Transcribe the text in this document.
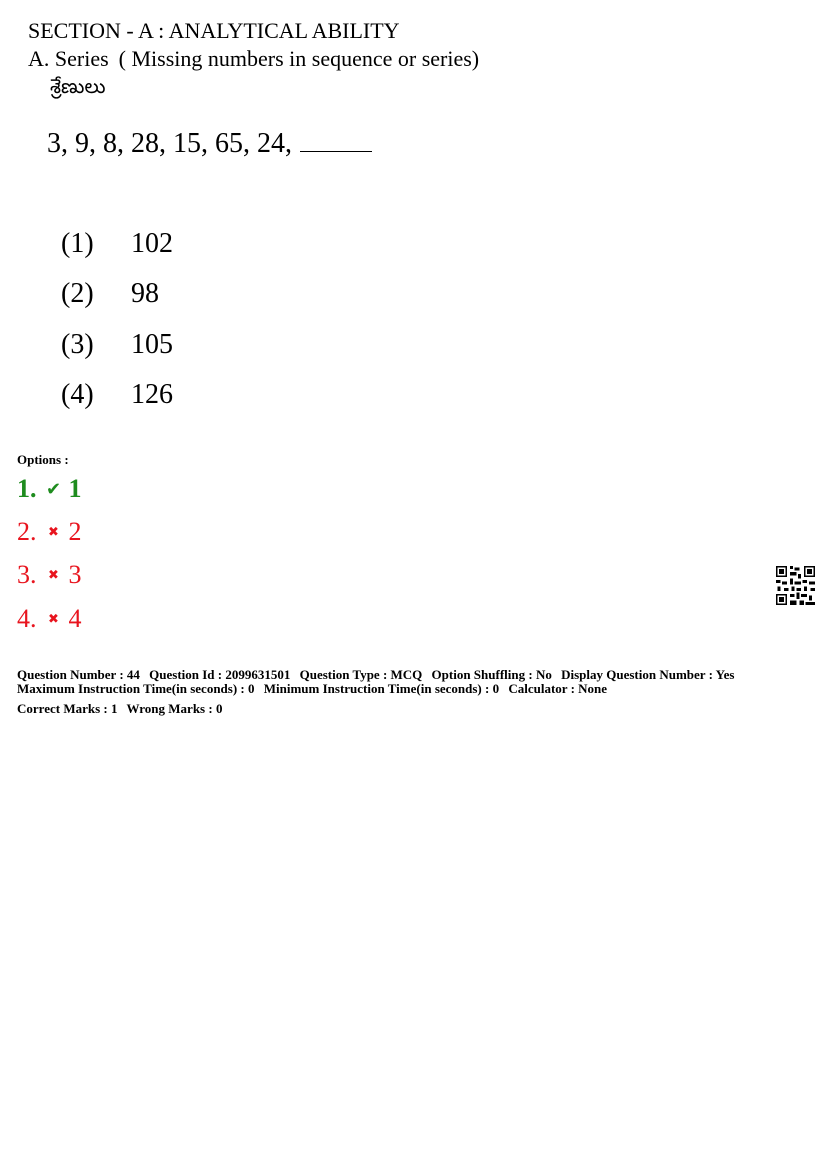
SECTION - A : ANALYTICAL ABILITY
A. Series ( Missing numbers in sequence or series)
శ్రేణులు
3, 9, 8, 28, 15, 65, 24,
(1)	102
(2)	98
(3)	105
(4)	126
Options :
1. ✔ 1
2. ✖ 2
3. ✖ 3
4. ✖ 4
Question Number : 44 Question Id : 2099631501 Question Type : MCQ Option Shuffling : No Display Question Number : Yes
Maximum Instruction Time(in seconds) : 0 Minimum Instruction Time(in seconds) : 0 Calculator : None
Correct Marks : 1 Wrong Marks : 0
